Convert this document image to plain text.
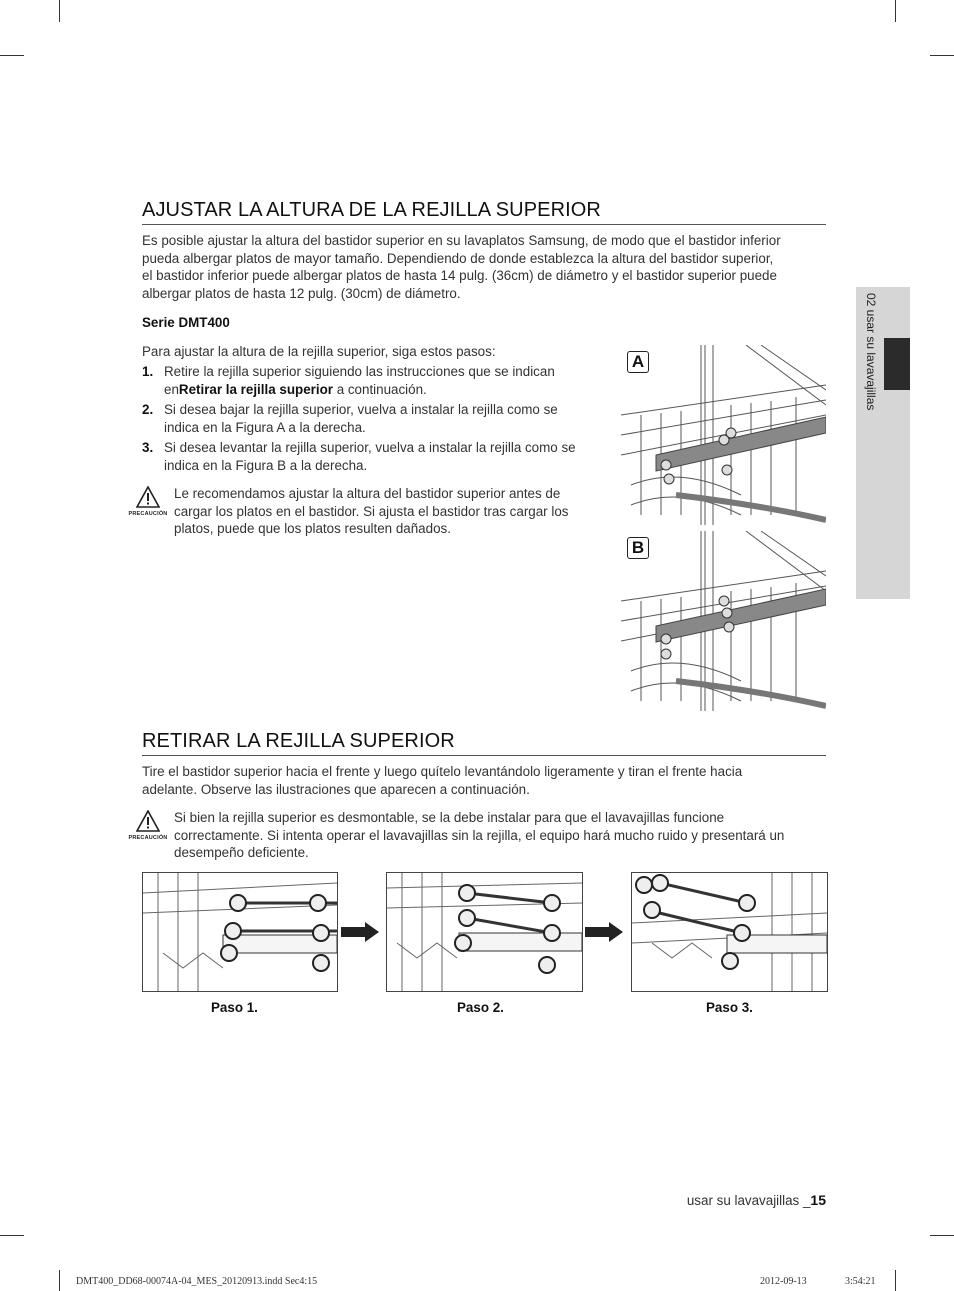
02 usar su lavavajillas
AJUSTAR LA ALTURA DE LA REJILLA SUPERIOR
Es posible ajustar la altura del bastidor superior en su lavaplatos Samsung, de modo que el bastidor inferior
pueda albergar platos de mayor tamaño. Dependiendo de donde establezca la altura del bastidor superior,
el bastidor inferior puede albergar platos de hasta 14 pulg. (36cm) de diámetro y el bastidor superior puede
albergar platos de hasta 12 pulg. (30cm) de diámetro.
Serie DMT400
Para ajustar la altura de la rejilla superior, siga estos pasos:
1. Retire la rejilla superior siguiendo las instrucciones que se indican
enRetirar la rejilla superior a continuación.
2. Si desea bajar la rejilla superior, vuelva a instalar la rejilla como se
indica en la Figura A a la derecha.
3. Si desea levantar la rejilla superior, vuelva a instalar la rejilla como se
indica en la Figura B a la derecha.
PRECAUCIÓN
Le recomendamos ajustar la altura del bastidor superior antes de
cargar los platos en el bastidor. Si ajusta el bastidor tras cargar los
platos, puede que los platos resulten dañados.
A
B
RETIRAR LA REJILLA SUPERIOR
Tire el bastidor superior hacia el frente y luego quítelo levantándolo ligeramente y tiran el frente hacia
adelante. Observe las ilustraciones que aparecen a continuación.
PRECAUCIÓN
Si bien la rejilla superior es desmontable, se la debe instalar para que el lavavajillas funcione
correctamente. Si intenta operar el lavavajillas sin la rejilla, el equipo hará mucho ruido y presentará un
desempeño deficiente.
Paso 1.	Paso 2.	Paso 3.
usar su lavavajillas _15
DMT400_DD68-00074A-04_MES_20120913.indd Sec4:15	2012-09-13	3:54:21
